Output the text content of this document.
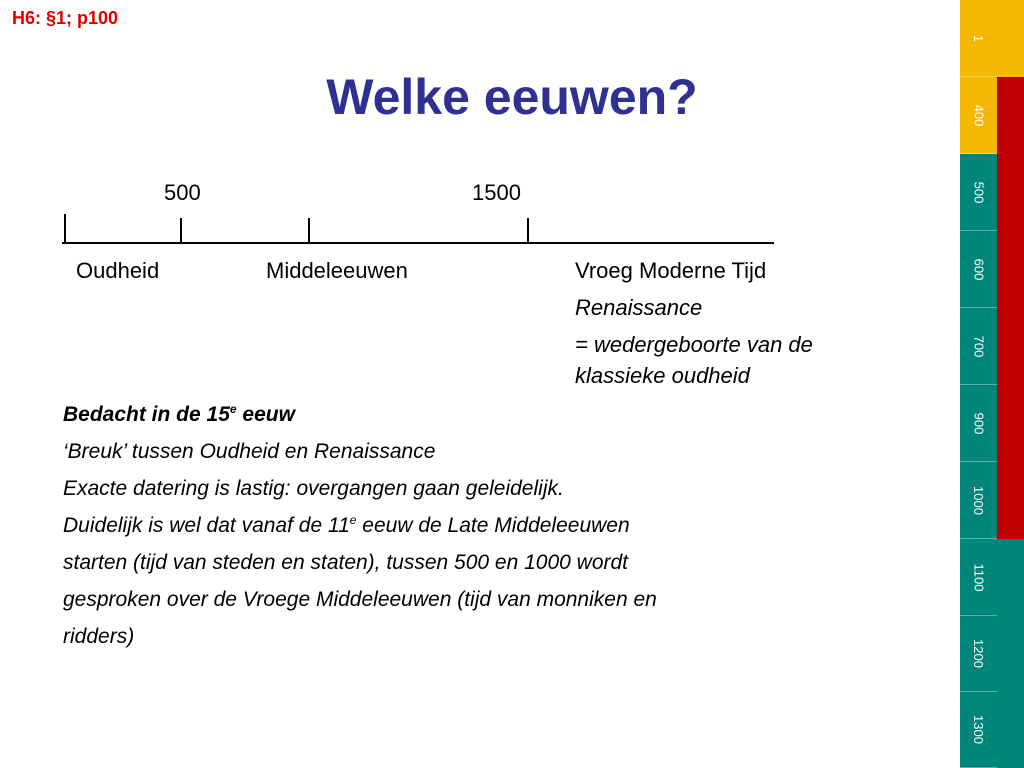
H6: §1; p100
Welke eeuwen?
500	1500
Oudheid	Middeleeuwen	Vroeg Moderne Tijd
Renaissance
= wedergeboorte van de
klassieke oudheid

Bedacht in de 15e eeuw

‘Breuk’ tussen Oudheid en Renaissance

Exacte datering is lastig: overgangen gaan geleidelijk.

Duidelijk is wel dat vanaf de 11e eeuw de Late Middeleeuwen

starten (tijd van steden en staten), tussen 500 en 1000 wordt

gesproken over de Vroege Middeleeuwen (tijd van monniken en

ridders)

1
400
500
600
700
900
1000
1100
1200
1300
